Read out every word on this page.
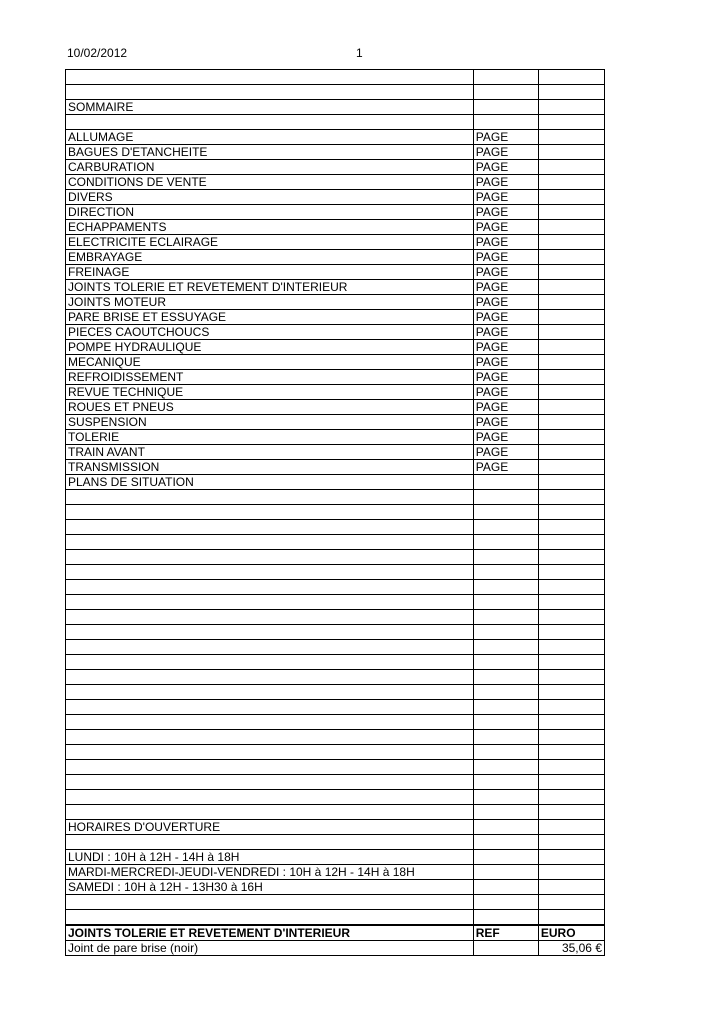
10/02/2012	1

SOMMAIRE		

ALLUMAGE	PAGE	
BAGUES D'ETANCHEITE	PAGE	
CARBURATION	PAGE	
CONDITIONS DE VENTE	PAGE	
DIVERS	PAGE	
DIRECTION	PAGE	
ECHAPPAMENTS	PAGE	
ELECTRICITE ECLAIRAGE	PAGE	
EMBRAYAGE	PAGE	
FREINAGE	PAGE	
JOINTS TOLERIE ET REVETEMENT D'INTERIEUR	PAGE	
JOINTS MOTEUR	PAGE	
PARE BRISE ET ESSUYAGE	PAGE	
PIECES CAOUTCHOUCS	PAGE	
POMPE HYDRAULIQUE	PAGE	
MECANIQUE	PAGE	
REFROIDISSEMENT	PAGE	
REVUE TECHNIQUE	PAGE	
ROUES ET PNEUS	PAGE	
SUSPENSION	PAGE	
TOLERIE	PAGE	
TRAIN AVANT	PAGE	
TRANSMISSION	PAGE	
PLANS DE SITUATION		

HORAIRES D'OUVERTURE		

LUNDI : 10H à 12H - 14H à 18H		
MARDI-MERCREDI-JEUDI-VENDREDI : 10H à 12H - 14H à 18H		
SAMEDI : 10H à 12H - 13H30 à 16H		

JOINTS TOLERIE ET REVETEMENT D'INTERIEUR	REF	EURO
Joint de pare brise (noir)		35,06 €
